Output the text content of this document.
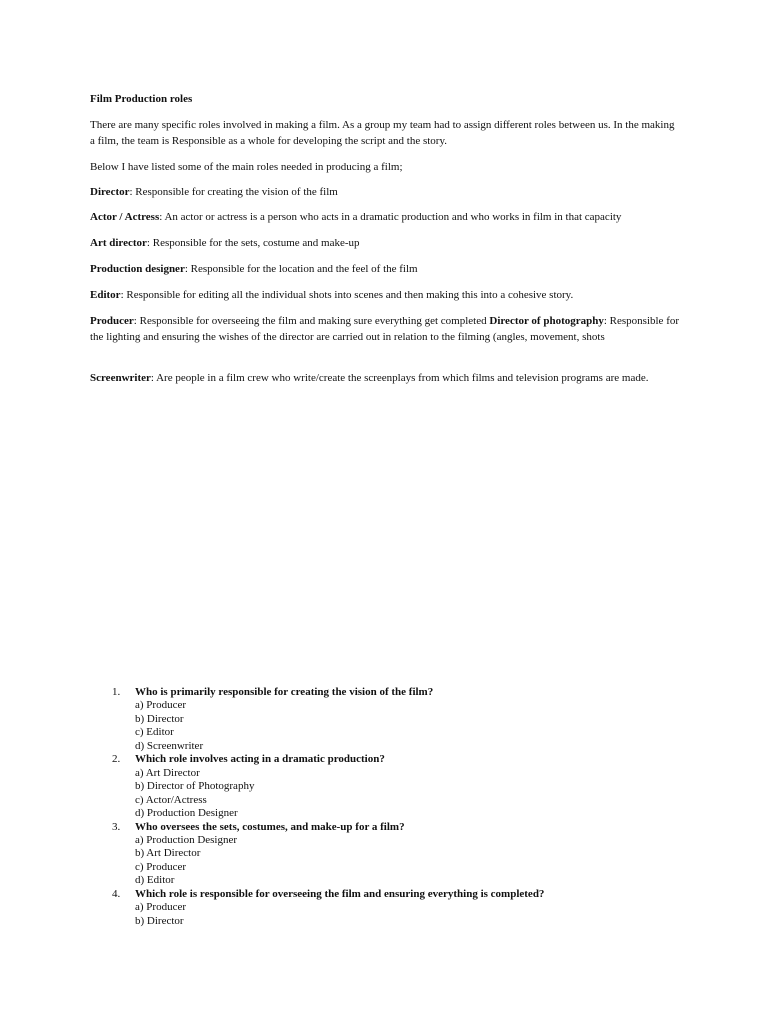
Film Production roles

There are many specific roles involved in making a film. As a group my team had to assign different roles between us. In the making a film, the team is Responsible as a whole for developing the script and the story.

Below I have listed some of the main roles needed in producing a film;

Director: Responsible for creating the vision of the film

Actor / Actress: An actor or actress is a person who acts in a dramatic production and who works in film in that capacity

Art director: Responsible for the sets, costume and make-up

Production designer: Responsible for the location and the feel of the film

Editor: Responsible for editing all the individual shots into scenes and then making this into a cohesive story.

Producer: Responsible for overseeing the film and making sure everything get completed Director of photography: Responsible for the lighting and ensuring the wishes of the director are carried out in relation to the filming (angles, movement, shots

Screenwriter: Are people in a film crew who write/create the screenplays from which films and television programs are made.

1. Who is primarily responsible for creating the vision of the film?
a) Producer
b) Director
c) Editor
d) Screenwriter
2. Which role involves acting in a dramatic production?
a) Art Director
b) Director of Photography
c) Actor/Actress
d) Production Designer
3. Who oversees the sets, costumes, and make-up for a film?
a) Production Designer
b) Art Director
c) Producer
d) Editor
4. Which role is responsible for overseeing the film and ensuring everything is completed?
a) Producer
b) Director
